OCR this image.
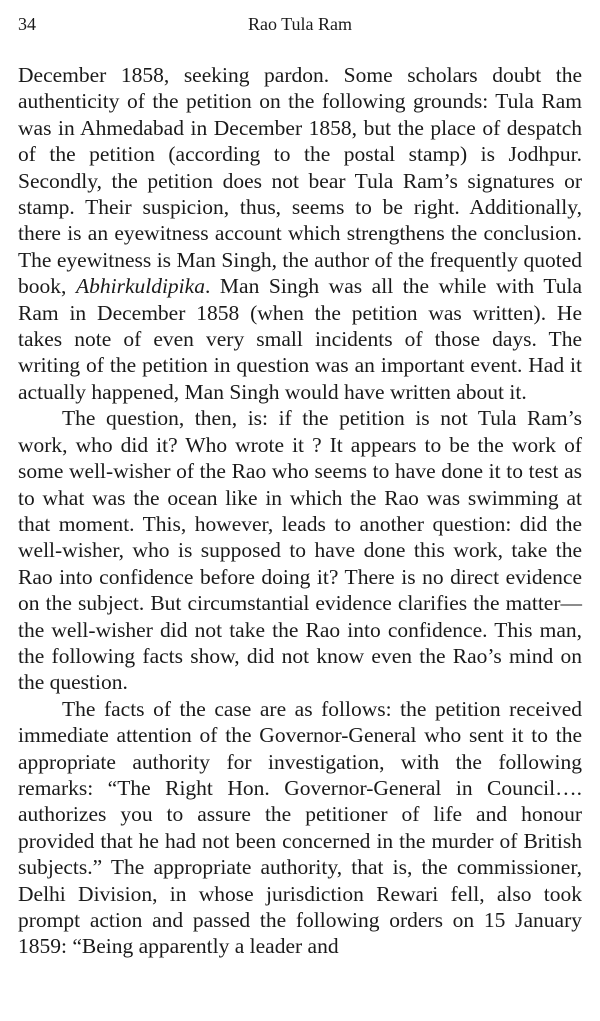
34	Rao Tula Ram

December 1858, seeking pardon. Some scholars doubt the authenticity of the petition on the following grounds: Tula Ram was in Ahmedabad in December 1858, but the place of despatch of the petition (according to the postal stamp) is Jodhpur. Secondly, the petition does not bear Tula Ram’s signatures or stamp. Their suspicion, thus, seems to be right. Additionally, there is an eyewitness account which strengthens the conclusion. The eyewitness is Man Singh, the author of the frequently quoted book, Abhirkuldipika. Man Singh was all the while with Tula Ram in December 1858 (when the petition was written). He takes note of even very small incidents of those days. The writing of the petition in question was an important event. Had it actually happened, Man Singh would have written about it.

The question, then, is: if the petition is not Tula Ram’s work, who did it? Who wrote it ? It appears to be the work of some well-wisher of the Rao who seems to have done it to test as to what was the ocean like in which the Rao was swimming at that moment. This, however, leads to another question: did the well-wisher, who is supposed to have done this work, take the Rao into confidence before doing it? There is no direct evidence on the subject. But circumstantial evidence clarifies the matter—the well-wisher did not take the Rao into confidence. This man, the following facts show, did not know even the Rao’s mind on the question.

The facts of the case are as follows: the petition received immediate attention of the Governor-General who sent it to the appropriate authority for investigation, with the following remarks: “The Right Hon. Governor-General in Council…. authorizes you to assure the petitioner of life and honour provided that he had not been concerned in the murder of British subjects.” The appropriate authority, that is, the commissioner, Delhi Division, in whose jurisdiction Rewari fell, also took prompt action and passed the following orders on 15 January 1859: “Being apparently a leader and
